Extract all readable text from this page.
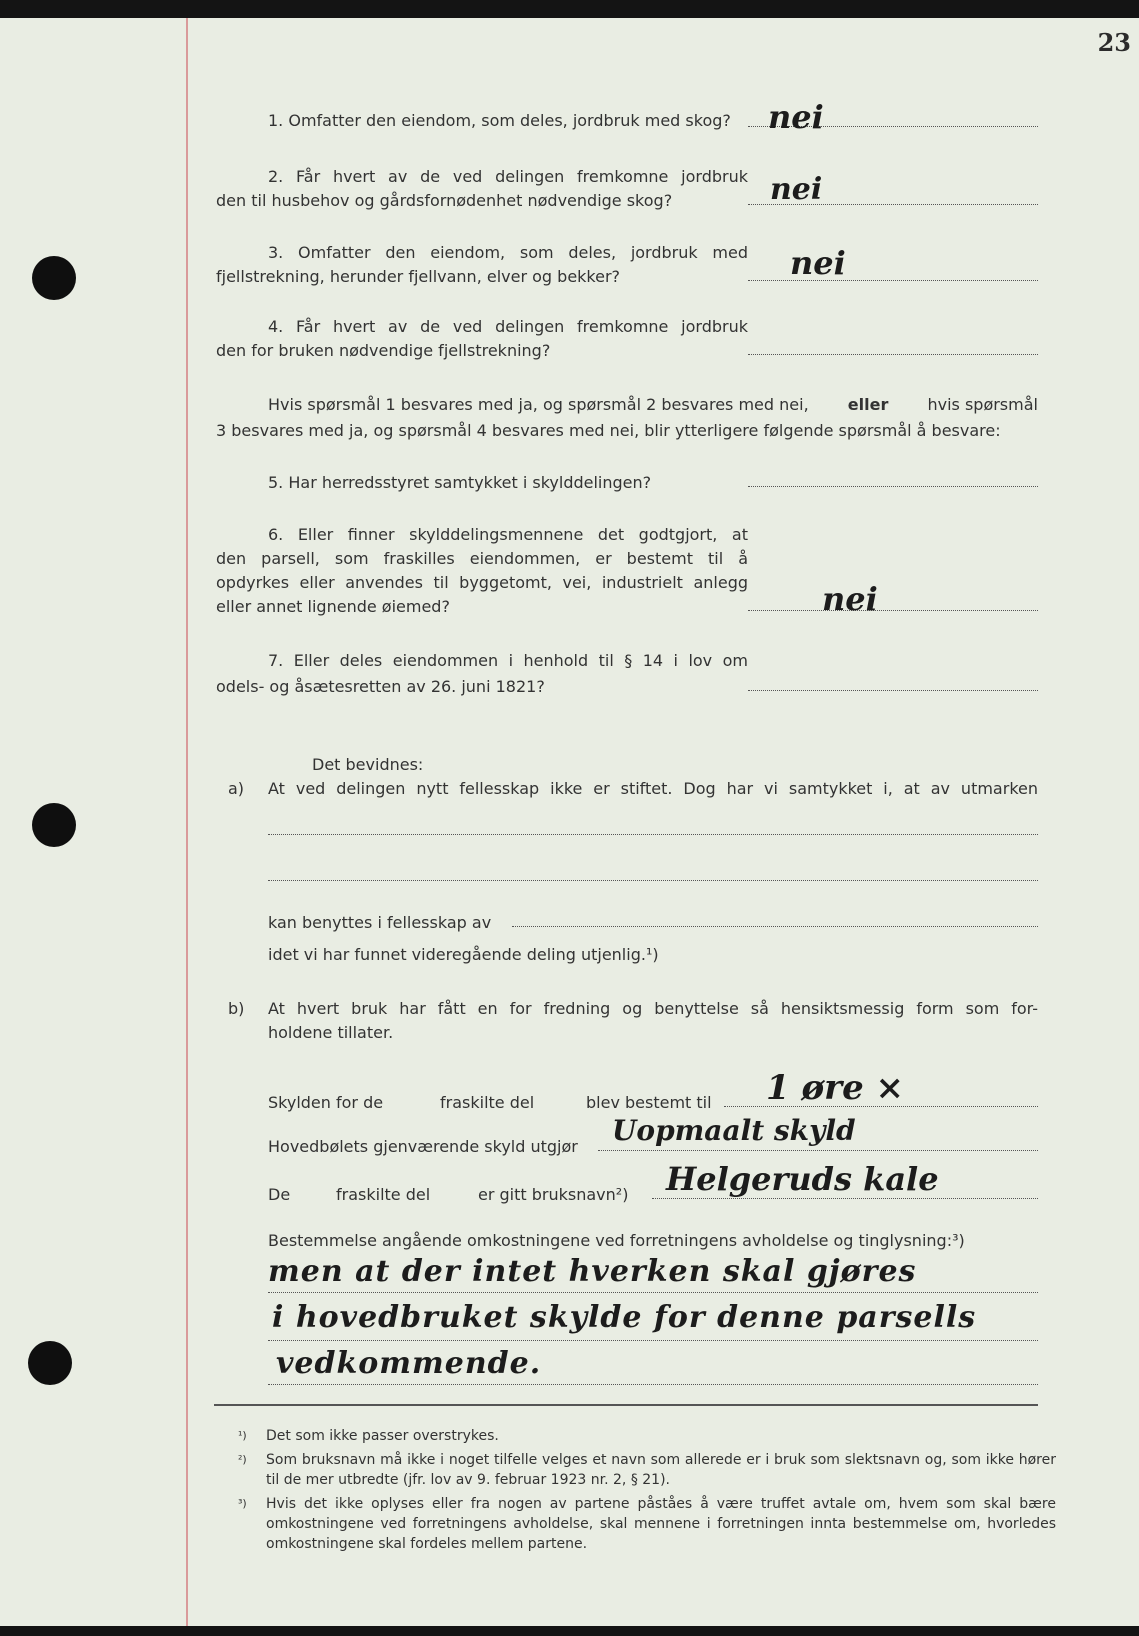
23
1. Omfatter den eiendom, som deles, jordbruk med skog? nei
2. Får hvert av de ved delingen fremkomne jordbruk
den til husbehov og gårdsfornødenhet nødvendige skog?	nei
3. Omfatter den eiendom, som deles, jordbruk med
fjellstrekning, herunder fjellvann, elver og bekker?	nei
4. Får hvert av de ved delingen fremkomne jordbruk
den for bruken nødvendige fjellstrekning?
Hvis spørsmål 1 besvares med ja, og spørsmål 2 besvares med nei, eller hvis spørsmål
3 besvares med ja, og spørsmål 4 besvares med nei, blir ytterligere følgende spørsmål å besvare:
5. Har herredsstyret samtykket i skylddelingen?
6. Eller finner skylddelingsmennene det godtgjort, at
den parsell, som fraskilles eiendommen, er bestemt til å
opdyrkes eller anvendes til byggetomt, vei, industrielt anlegg
eller annet lignende øiemed?	nei
7. Eller deles eiendommen i henhold til § 14 i lov om
odels- og åsætesretten av 26. juni 1821?
Det bevidnes:
a) At ved delingen nytt fellesskap ikke er stiftet. Dog har vi samtykket i, at av utmarken
kan benyttes i fellesskap av
idet vi har funnet videregående deling utjenlig.¹)
b) At hvert bruk har fått en for fredning og benyttelse så hensiktsmessig form som for-
holdene tillater.
Skylden for de	fraskilte del	blev bestemt til 1 øre ×
Hovedbølets gjenværende skyld utgjør Uopmaalt skyld
De	fraskilte del	er gitt bruksnavn²) Helgeruds kale
Bestemmelse angående omkostningene ved forretningens avholdelse og tinglysning:³)
men at der intet hverken skal gjøres
i hovedbruket skylde for denne parsells
vedkommende.
¹) Det som ikke passer overstrykes.
²) Som bruksnavn må ikke i noget tilfelle velges et navn som allerede er i bruk som slektsnavn og, som ikke hører til de mer utbredte (jfr. lov av 9. februar 1923 nr. 2, § 21).
³) Hvis det ikke oplyses eller fra nogen av partene påståes å være truffet avtale om, hvem som skal bære omkostningene ved forretningens avholdelse, skal mennene i forretningen innta bestemmelse om, hvorledes omkostningene skal fordeles mellem partene.
